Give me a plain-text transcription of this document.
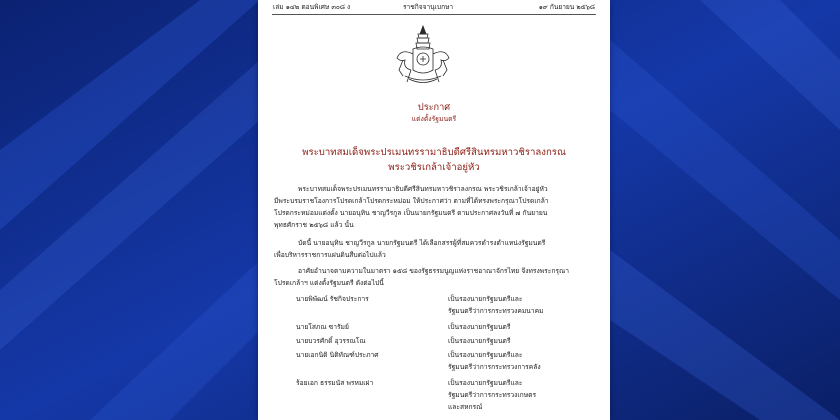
เล่ม ๑๔๒ ตอนพิเศษ ๓๐๘ ง	ราชกิจจานุเบกษา	๑๙ กันยายน ๒๕๖๘
ประกาศ
แต่งตั้งรัฐมนตรี
พระบาทสมเด็จพระปรเมนทรรามาธิบดีศรีสินทรมหาวชิราลงกรณ
พระวชิรเกล้าเจ้าอยู่หัว
พระบาทสมเด็จพระปรเมนทรรามาธิบดีศรีสินทรมหาวชิราลงกรณ พระวชิรเกล้าเจ้าอยู่หัว
มีพระบรมราชโองการโปรดเกล้าโปรดกระหม่อม ให้ประกาศว่า ตามที่ได้ทรงพระกรุณาโปรดเกล้า
โปรดกระหม่อมแต่งตั้ง นายอนุทิน ชาญวีรกูล เป็นนายกรัฐมนตรี ตามประกาศลงวันที่ ๗ กันยายน
พุทธศักราช ๒๕๖๘ แล้ว นั้น
บัดนี้ นายอนุทิน ชาญวีรกูล นายกรัฐมนตรี ได้เลือกสรรผู้ที่สมควรดำรงตำแหน่งรัฐมนตรี
เพื่อบริหารราชการแผ่นดินสืบต่อไปแล้ว
อาศัยอำนาจตามความในมาตรา ๑๕๘ ของรัฐธรรมนูญแห่งราชอาณาจักรไทย จึงทรงพระกรุณา
โปรดเกล้าฯ แต่งตั้งรัฐมนตรี ดังต่อไปนี้
นายพิพัฒน์ รัชกิจประการ	เป็นรองนายกรัฐมนตรีและ
รัฐมนตรีว่าการกระทรวงคมนาคม
นายโสภณ ซารัมย์	เป็นรองนายกรัฐมนตรี
นายบวรศักดิ์ อุวรรณโณ	เป็นรองนายกรัฐมนตรี
นายเอกนิติ นิติทัณฑ์ประภาศ	เป็นรองนายกรัฐมนตรีและ
รัฐมนตรีว่าการกระทรวงการคลัง
ร้อยเอก ธรรมนัส พรหมเผ่า	เป็นรองนายกรัฐมนตรีและ
รัฐมนตรีว่าการกระทรวงเกษตร
และสหกรณ์
